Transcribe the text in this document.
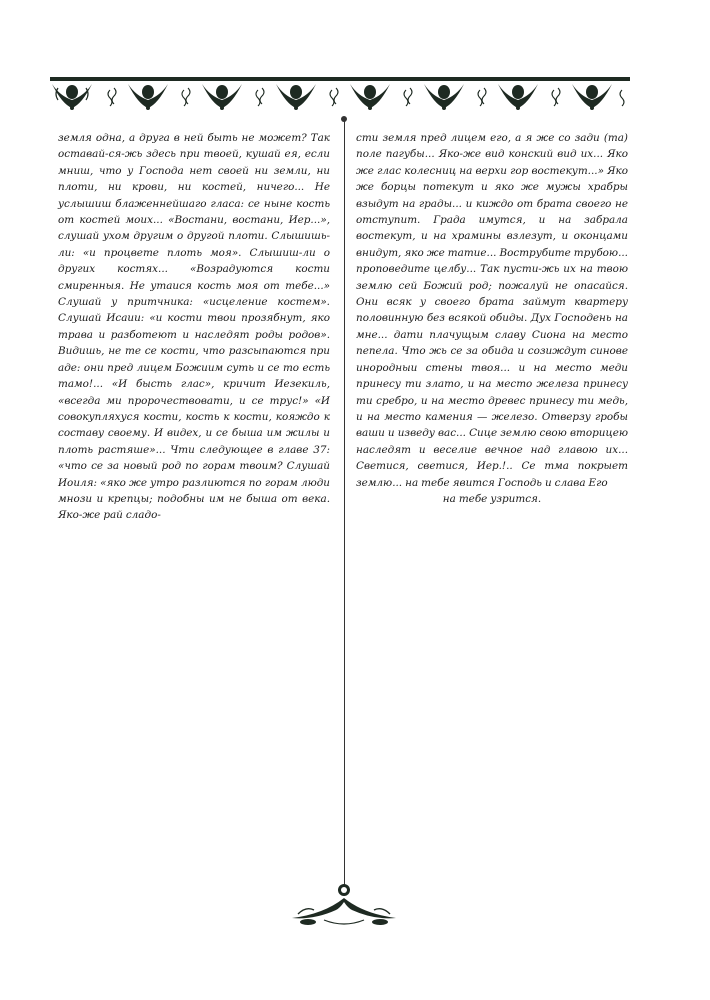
земля одна, а друга в ней быть не может? Так оставай-ся-жь здесь при твоей, кушай ея, если мниш, что у Господа нет своей ни земли, ни плоти, ни крови, ни костей, ничего... Не услышиш блаженнейшаго гласа: се ныне кость от костей моих... «Востани, востани, Иер...», слушай ухом другим о другой плоти. Слышишь-ли: «и процвете плоть моя». Слышиш-ли о других костях... «Возрадуются кости смиренныя. Не утаися кость моя от тебе...» Слушай у притчника: «исцеление костем». Слушай Исаии: «и кости твои прозябнут, яко трава и разботеют и наследят роды родов». Видишь, не те се кости, что разсыпаются при аде: они пред лицем Божиим суть и се то есть тамо!... «И бысть глас», кричит Иезекиль, «всегда ми пророчествовати, и се трус!» «И совокупляхуся кости, кость к кости, кояждо к составу своему. И видех, и се быша им жилы и плоть растяше»... Чти следующее в главе 37: «что се за новый род по горам твоим? Слушай Иоиля: «яко же утро разлиются по горам люди мнози и крепцы; подобны им не быша от века. Яко-же рай сладо-

сти земля пред лицем его, а я же со зади (та) поле пагубы... Яко-же вид конский вид их... Яко же глас колесниц на верхи гор востекут...» Яко же борцы потекут и яко же мужы храбры взыдут на грады... и киждо от брата своего не отступит. Града имутся, и на забрала востекут, и на храмины взлезут, и оконцами внидут, яко же татие... Вострубите трубою... проповедите целбу... Так пусти-жь их на твою землю сей Божий род; пожалуй не опасайся. Они всяк у своего брата займут квартеру половинную без всякой обиды. Дух Господень на мне... дати плачущым славу Сиона на место пепела. Что жь се за обида и созиждут синове инородныи стены твоя... и на место меди принесу ти злато, и на место железа принесу ти сребро, и на место древес принесу ти медь, и на место камения — железо. Отверзу гробы ваши и изведу вас... Сице землю свою вторицею наследят и веселие вечное над главою их... Светися, светися, Иер.!.. Се тма покрыет землю... на тебе явится Господь и слава Его

на тебе узрится.
